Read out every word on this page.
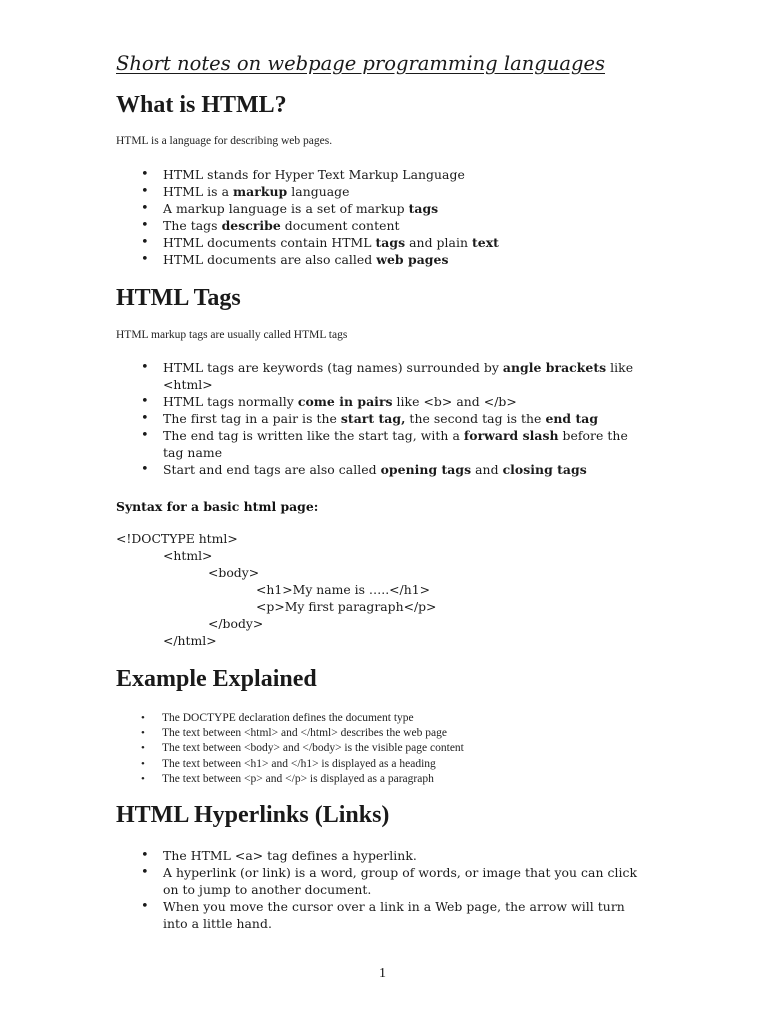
Short notes on webpage programming languages
What is HTML?
HTML is a language for describing web pages.
• HTML stands for Hyper Text Markup Language
• HTML is a markup language
• A markup language is a set of markup tags
• The tags describe document content
• HTML documents contain HTML tags and plain text
• HTML documents are also called web pages
HTML Tags
HTML markup tags are usually called HTML tags
• HTML tags are keywords (tag names) surrounded by angle brackets like <html>
• HTML tags normally come in pairs like <b> and </b>
• The first tag in a pair is the start tag, the second tag is the end tag
• The end tag is written like the start tag, with a forward slash before the tag name
• Start and end tags are also called opening tags and closing tags
Syntax for a basic html page:
<!DOCTYPE html>
<html>
<body>
<h1>My name is …..</h1>
<p>My first paragraph</p>
</body>
</html>
Example Explained
• The DOCTYPE declaration defines the document type
• The text between <html> and </html> describes the web page
• The text between <body> and </body> is the visible page content
• The text between <h1> and </h1> is displayed as a heading
• The text between <p> and </p> is displayed as a paragraph
HTML Hyperlinks (Links)
• The HTML <a> tag defines a hyperlink.
• A hyperlink (or link) is a word, group of words, or image that you can click on to jump to another document.
• When you move the cursor over a link in a Web page, the arrow will turn into a little hand.
1
